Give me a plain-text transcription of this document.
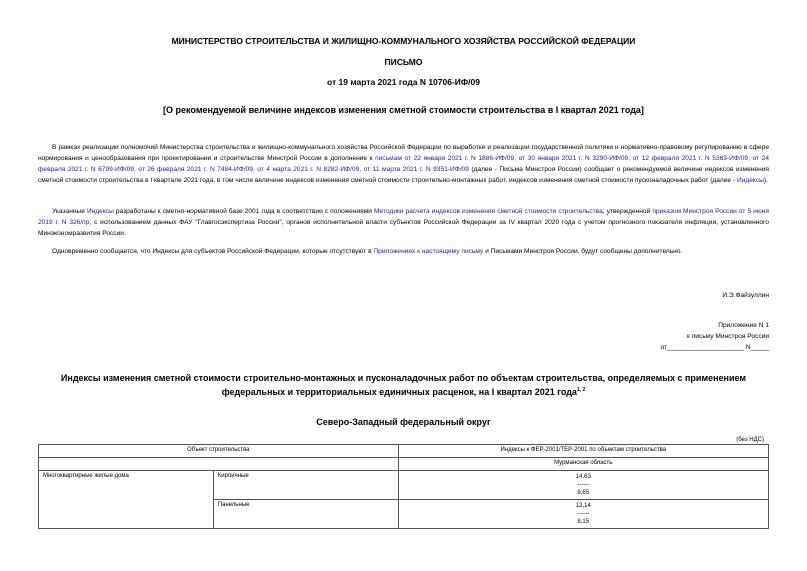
МИНИСТЕРСТВО СТРОИТЕЛЬСТВА И ЖИЛИЩНО-КОММУНАЛЬНОГО ХОЗЯЙСТВА РОССИЙСКОЙ ФЕДЕРАЦИИ
ПИСЬМО
от 19 марта 2021 года N 10706-ИФ/09
[О рекомендуемой величине индексов изменения сметной стоимости строительства в I квартал 2021 года]
В рамках реализации полномочий Министерства строительства и жилищно-коммунального хозяйства Российской Федерации по выработке и реализации государственной политики и нормативно-правовому регулированию в сфере нормирования и ценообразования при проектировании и строительстве Минстрой России в дополнение к письмам от 22 января 2021 г. N 1886-ИФ/09, от 30 января 2021 г. N 3290-ИФ/09, от 12 февраля 2021 г. N 5363-ИФ/09, от 24 февраля 2021 г. N 6799-ИФ/09, от 26 февраля 2021 г. N 7484-ИФ/09, от 4 марта 2021 г. N 8282-ИФ/09, от 11 марта 2021 г. N 9351-ИФ/09 (далее - Письма Минстроя России) сообщает о рекомендуемой величине индексов изменения сметной стоимости строительства в I квартале 2021 года, в том числе величине индексов изменения сметной стоимости строительно-монтажных работ, индексов изменения сметной стоимости пусконаладочных работ (далее - Индексы).
Указанные Индексы разработаны к сметно-нормативной базе 2001 года в соответствии с положениями Методики расчета индексов изменения сметной стоимости строительства, утвержденной приказом Минстроя России от 5 июня 2019 г. N 326/пр, с использованием данных ФАУ "Главгосэкспертиза России", органов исполнительной власти субъектов Российской Федерации за IV квартал 2020 года с учетом прогнозного показателя инфляции, установленного Минэкономразвития России.
Одновременно сообщается, что Индексы для субъектов Российской Федерации, которые отсутствуют в Приложениях к настоящему письму и Письмами Минстроя России, будут сообщены дополнительно.
И.Э.Файзуллин
Приложение N 1
к письму Минстроя России
от_____________________ N_____
Индексы изменения сметной стоимости строительно-монтажных и пусконаладочных работ по объектам строительства, определяемых с применением федеральных и территориальных единичных расценок, на I квартал 2021 года$^{1, 2}$
Северо-Западный федеральный округ
(без НДС)
Объект строительства		Индексы к ФЕР-2001/ТЕР-2001 по объектам строительства
		Мурманская область
Многоквартирные жилые дома	Кирпичные	14,63
------
9,65

	Панельные	12,14
------
8,15
